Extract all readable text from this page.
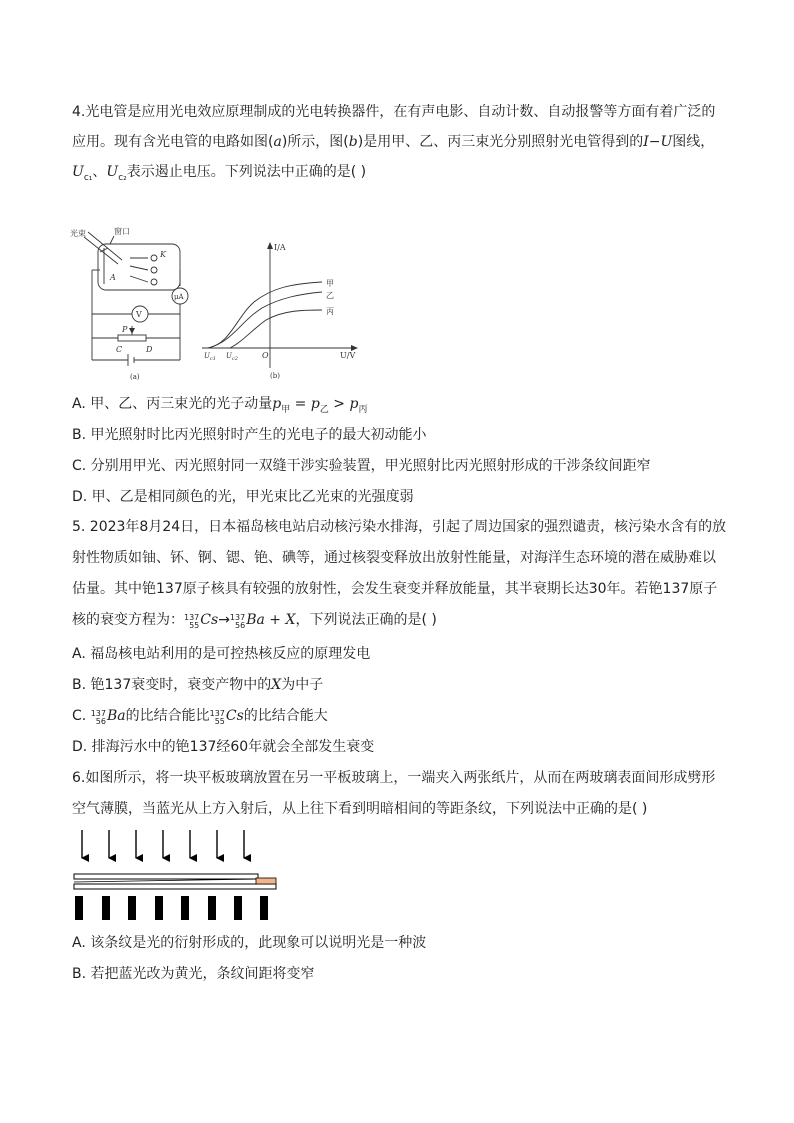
4.光电管是应用光电效应原理制成的光电转换器件，在有声电影、自动计数、自动报警等方面有着广泛的
应用。现有含光电管的电路如图(a)所示，图(b)是用甲、乙、丙三束光分别照射光电管得到的I−U图线，
$U_{c_1}$、$U_{c_2}$表示遏止电压。下列说法中正确的是( )
光束	窗口
A
K
μA
V
P
C	D
(a)
I/A
U/V
O
$U_{c1}$ $U_{c2}$
甲
乙
丙
(b)
A. 甲、乙、丙三束光的光子动量$p_甲 = p_乙 > p_丙$
B. 甲光照射时比丙光照射时产生的光电子的最大初动能小
C. 分别用甲光、丙光照射同一双缝干涉实验装置，甲光照射比丙光照射形成的干涉条纹间距窄
D. 甲、乙是相同颜色的光，甲光束比乙光束的光强度弱
5. 2023年8月24日，日本福岛核电站启动核污染水排海，引起了周边国家的强烈谴责，核污染水含有的放
射性物质如铀、钚、锕、锶、铯、碘等，通过核裂变释放出放射性能量，对海洋生态环境的潜在威胁难以
估量。其中铯137原子核具有较强的放射性，会发生衰变并释放能量，其半衰期长达30年。若铯137原子
核的衰变方程为： 137
55 Cs→ 137
56 Ba + X，下列说法正确的是( )
A. 福岛核电站利用的是可控热核反应的原理发电
B. 铯137衰变时，衰变产物中的X为中子
C. 137
56 Ba的比结合能比 137
55 Cs的比结合能大
D. 排海污水中的铯137经60年就会全部发生衰变
6.如图所示，将一块平板玻璃放置在另一平板玻璃上，一端夹入两张纸片，从而在两玻璃表面间形成劈形
空气薄膜，当蓝光从上方入射后，从上往下看到明暗相间的等距条纹，下列说法中正确的是( )
A. 该条纹是光的衍射形成的，此现象可以说明光是一种波
B. 若把蓝光改为黄光，条纹间距将变窄
